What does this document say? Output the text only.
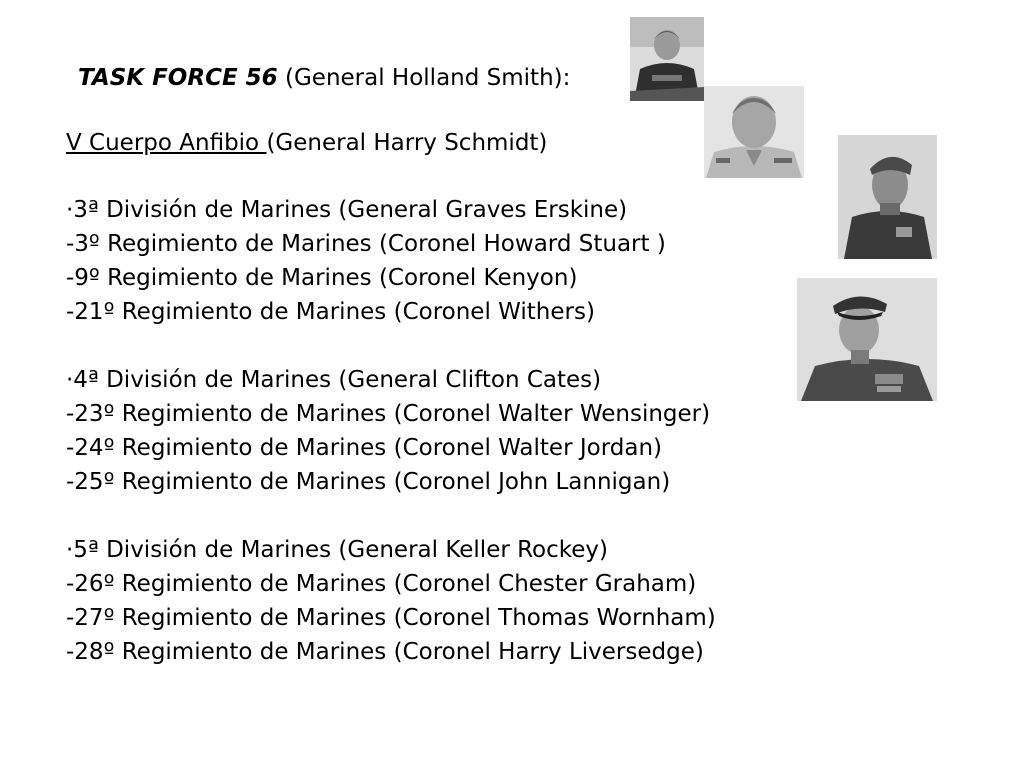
TASK FORCE 56 (General Holland Smith):

V Cuerpo Anfibio (General Harry Schmidt)

·3ª División de Marines (General Graves Erskine)

-3º Regimiento de Marines (Coronel Howard Stuart )

-9º Regimiento de Marines (Coronel Kenyon)

-21º Regimiento de Marines (Coronel Withers)

·4ª División de Marines (General Clifton Cates)

-23º Regimiento de Marines (Coronel Walter Wensinger)

-24º Regimiento de Marines (Coronel Walter Jordan)

-25º Regimiento de Marines (Coronel John Lannigan)

·5ª División de Marines (General Keller Rockey)

-26º Regimiento de Marines (Coronel Chester Graham)

-27º Regimiento de Marines (Coronel Thomas Wornham)

-28º Regimiento de Marines (Coronel Harry Liversedge)
